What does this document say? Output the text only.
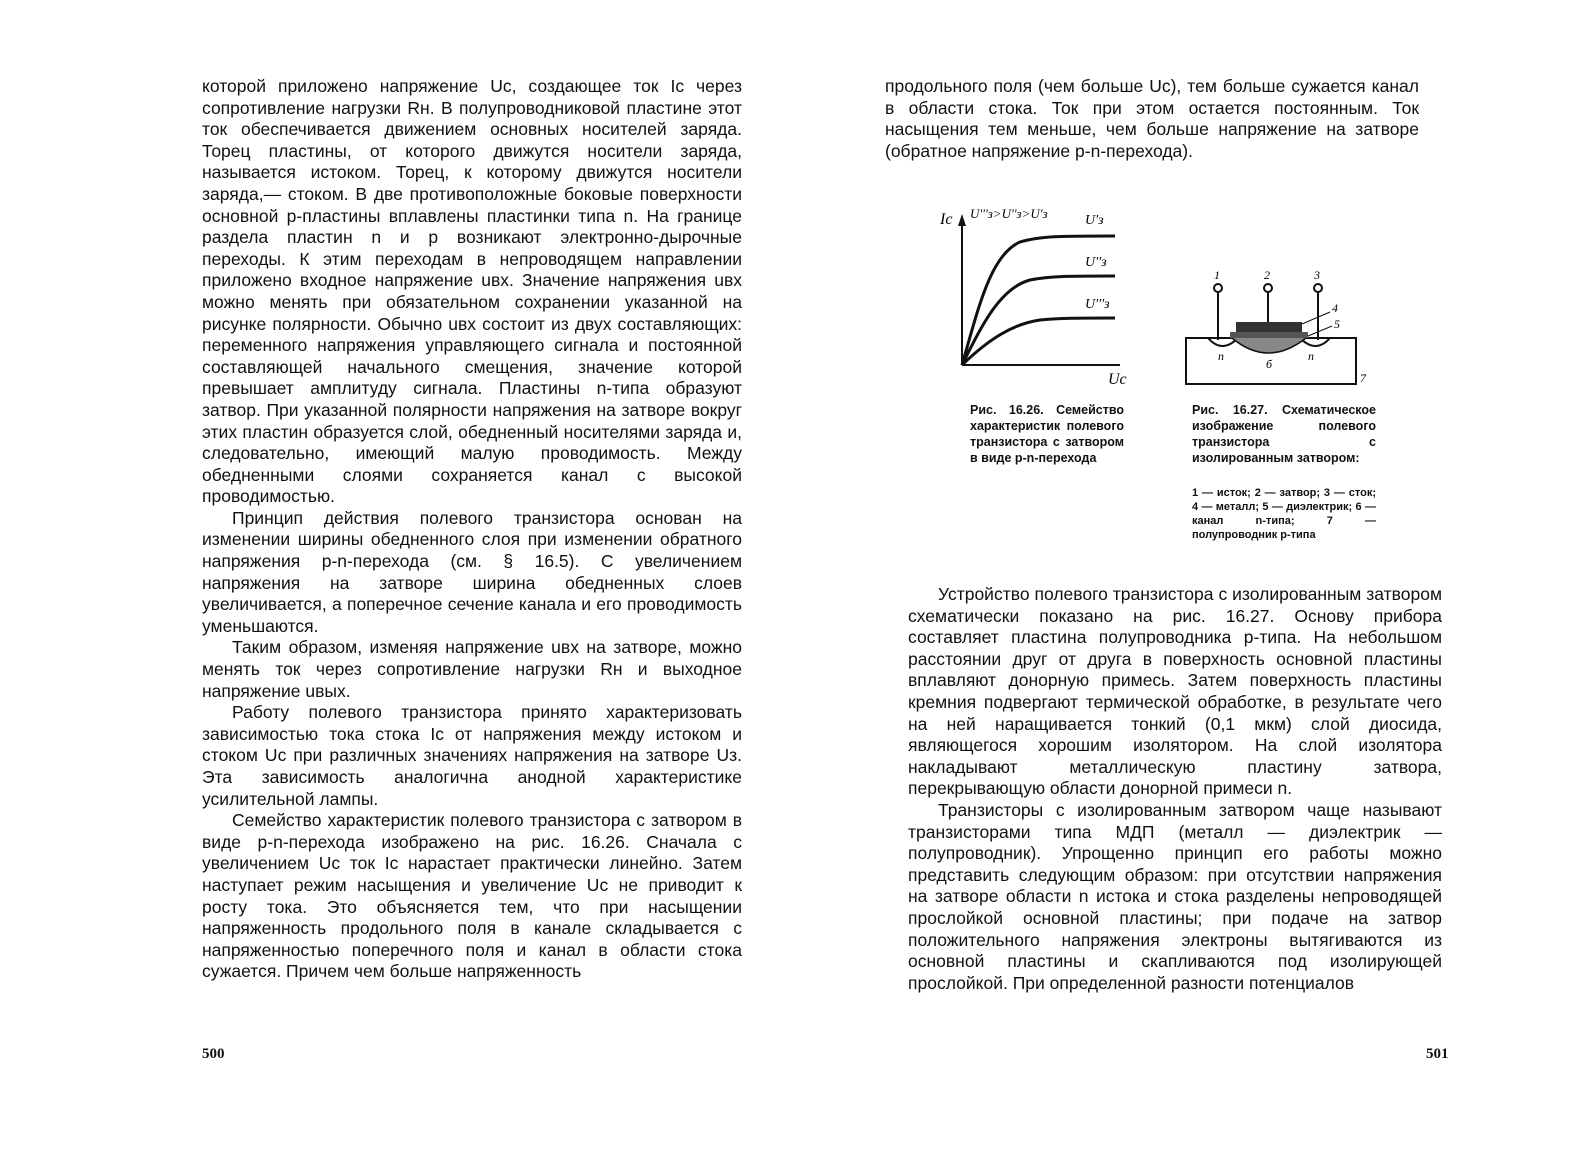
которой приложено напряжение Uc, создающее ток Ic через сопротивление нагрузки Rн. В полупроводниковой пластине этот ток обеспечивается движением основных носителей заряда. Торец пластины, от которого движутся носители заряда, называется истоком. Торец, к которому движутся носители заряда,— стоком. В две противоположные боковые поверхности основной p-пластины вплавлены пластинки типа n. На границе раздела пластин n и p возникают электронно-дырочные переходы. К этим переходам в непроводящем направлении приложено входное напряжение uвх. Значение напряжения uвх можно менять при обязательном сохранении указанной на рисунке полярности. Обычно uвх состоит из двух составляющих: переменного напряжения управляющего сигнала и постоянной составляющей начального смещения, значение которой превышает амплитуду сигнала. Пластины n-типа образуют затвор. При указанной полярности напряжения на затворе вокруг этих пластин образуется слой, обедненный носителями заряда и, следовательно, имеющий малую проводимость. Между обедненными слоями сохраняется канал с высокой проводимостью.

Принцип действия полевого транзистора основан на изменении ширины обедненного слоя при изменении обратного напряжения p-n-перехода (см. § 16.5). С увеличением напряжения на затворе ширина обедненных слоев увеличивается, а поперечное сечение канала и его проводимость уменьшаются.

Таким образом, изменяя напряжение uвх на затворе, можно менять ток через сопротивление нагрузки Rн и выходное напряжение uвых.

Работу полевого транзистора принято характеризовать зависимостью тока стока Ic от напряжения между истоком и стоком Uc при различных значениях напряжения на затворе Uз. Эта зависимость аналогична анодной характеристике усилительной лампы.

Семейство характеристик полевого транзистора с затвором в виде p-n-перехода изображено на рис. 16.26. Сначала с увеличением Uc ток Ic нарастает практически линейно. Затем наступает режим насыщения и увеличение Uc не приводит к росту тока. Это объясняется тем, что при насыщении напряженность продольного поля в канале складывается с напряженностью поперечного поля и канал в области стока сужается. Причем чем больше напряженность

500

продольного поля (чем больше Uc), тем больше сужается канал в области стока. Ток при этом остается постоянным. Ток насыщения тем меньше, чем больше напряжение на затворе (обратное напряжение p-n-перехода).

Ic
Uc
U'''з>U''з>U'з	U'з
U''з
U'''з
1	2	3
4
5
7
n
б
n
Рис. 16.26. Семейство характеристик полевого транзистора с затвором в виде p-n-перехода
Рис. 16.27. Схематическое изображение полевого транзистора с изолированным затвором:
1 — исток; 2 — затвор; 3 — сток; 4 — металл; 5 — диэлектрик; 6 — канал n-типа; 7 — полупроводник p-типа

Устройство полевого транзистора с изолированным затвором схематически показано на рис. 16.27. Основу прибора составляет пластина полупроводника p-типа. На небольшом расстоянии друг от друга в поверхность основной пластины вплавляют донорную примесь. Затем поверхность пластины кремния подвергают термической обработке, в результате чего на ней наращивается тонкий (0,1 мкм) слой диосида, являющегося хорошим изолятором. На слой изолятора накладывают металлическую пластину затвора, перекрывающую области донорной примеси n.

Транзисторы с изолированным затвором чаще называют транзисторами типа МДП (металл — диэлектрик — полупроводник). Упрощенно принцип его работы можно представить следующим образом: при отсутствии напряжения на затворе области n истока и стока разделены непроводящей прослойкой основной пластины; при подаче на затвор положительного напряжения электроны вытягиваются из основной пластины и скапливаются под изолирующей прослойкой. При определенной разности потенциалов

501
